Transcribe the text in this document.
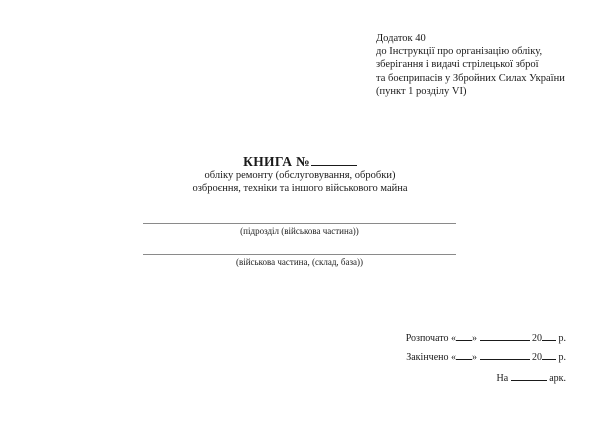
Додаток 40
до Інструкції про організацію обліку,
зберігання і видачі стрілецької зброї
та боєприпасів у Збройних Силах України
(пункт 1 розділу VI)
КНИГА №
обліку ремонту (обслуговування, обробки)
озброєння, техніки та іншого військового майна
(підрозділ (військова частина))
(військова частина, (склад, база))
Розпочато « »	20 р.
Закінчено « »	20 р.
На	арк.
